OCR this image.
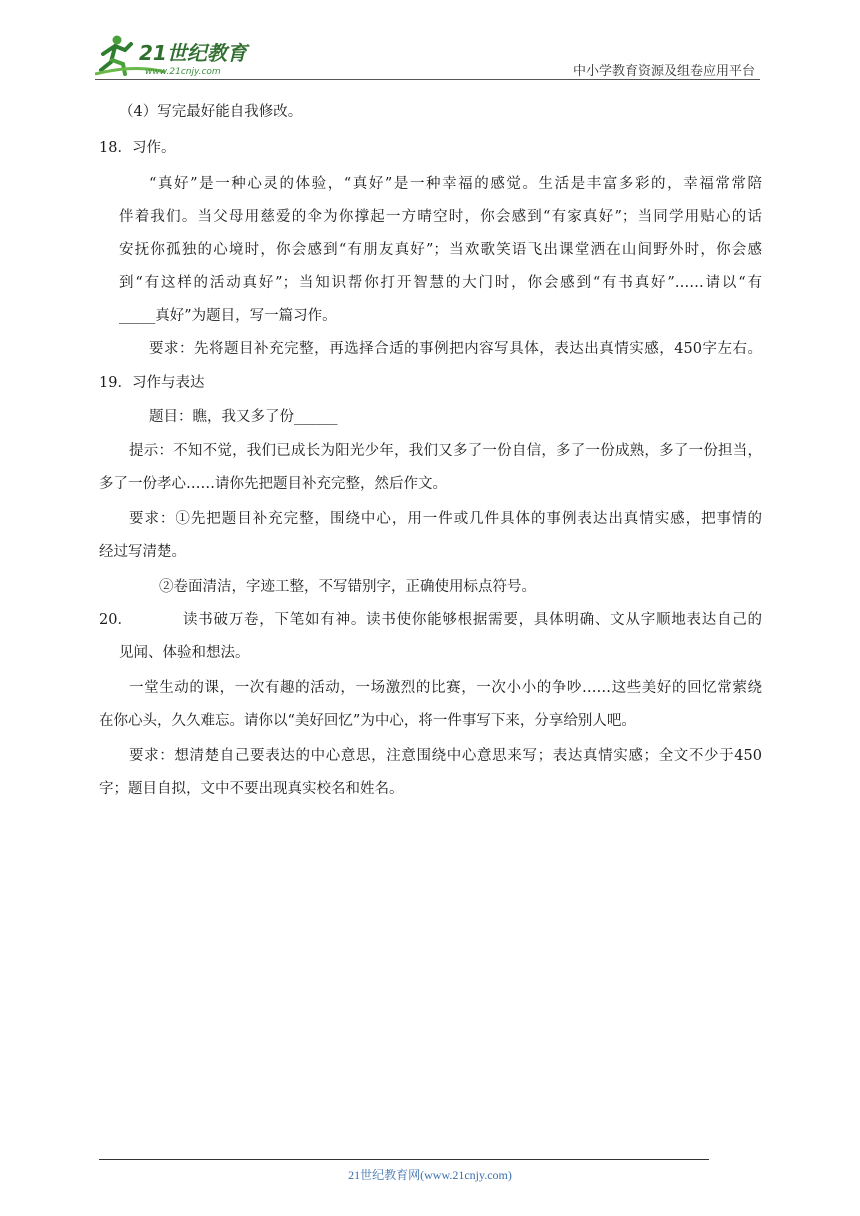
21世纪教育
www.21cnjy.com	中小学教育资源及组卷应用平台
（4）写完最好能自我修改。
18．习作。
“真好”是一种心灵的体验，“真好”是一种幸福的感觉。生活是丰富多彩的，幸福常常陪
伴着我们。当父母用慈爱的伞为你撑起一方晴空时，你会感到“有家真好”；当同学用贴心的话
安抚你孤独的心境时，你会感到“有朋友真好”；当欢歌笑语飞出课堂洒在山间野外时，你会感
到“有这样的活动真好”；当知识帮你打开智慧的大门时，你会感到“有书真好”……请以“有
_____真好”为题目，写一篇习作。
要求：先将题目补充完整，再选择合适的事例把内容写具体，表达出真情实感，450字左右。
19．习作与表达
题目：瞧，我又多了份______
提示：不知不觉，我们已成长为阳光少年，我们又多了一份自信，多了一份成熟，多了一份担当，
多了一份孝心……请你先把题目补充完整，然后作文。
要求：①先把题目补充完整，围绕中心，用一件或几件具体的事例表达出真情实感，把事情的
经过写清楚。
②卷面清洁，字迹工整，不写错别字，正确使用标点符号。
20．	读书破万卷，下笔如有神。读书使你能够根据需要，具体明确、文从字顺地表达自己的
见闻、体验和想法。
一堂生动的课，一次有趣的活动，一场激烈的比赛，一次小小的争吵……这些美好的回忆常萦绕
在你心头，久久难忘。请你以“美好回忆”为中心，将一件事写下来，分享给别人吧。
要求：想清楚自己要表达的中心意思，注意围绕中心意思来写；表达真情实感；全文不少于450
字；题目自拟，文中不要出现真实校名和姓名。
21世纪教育网(www.21cnjy.com)
